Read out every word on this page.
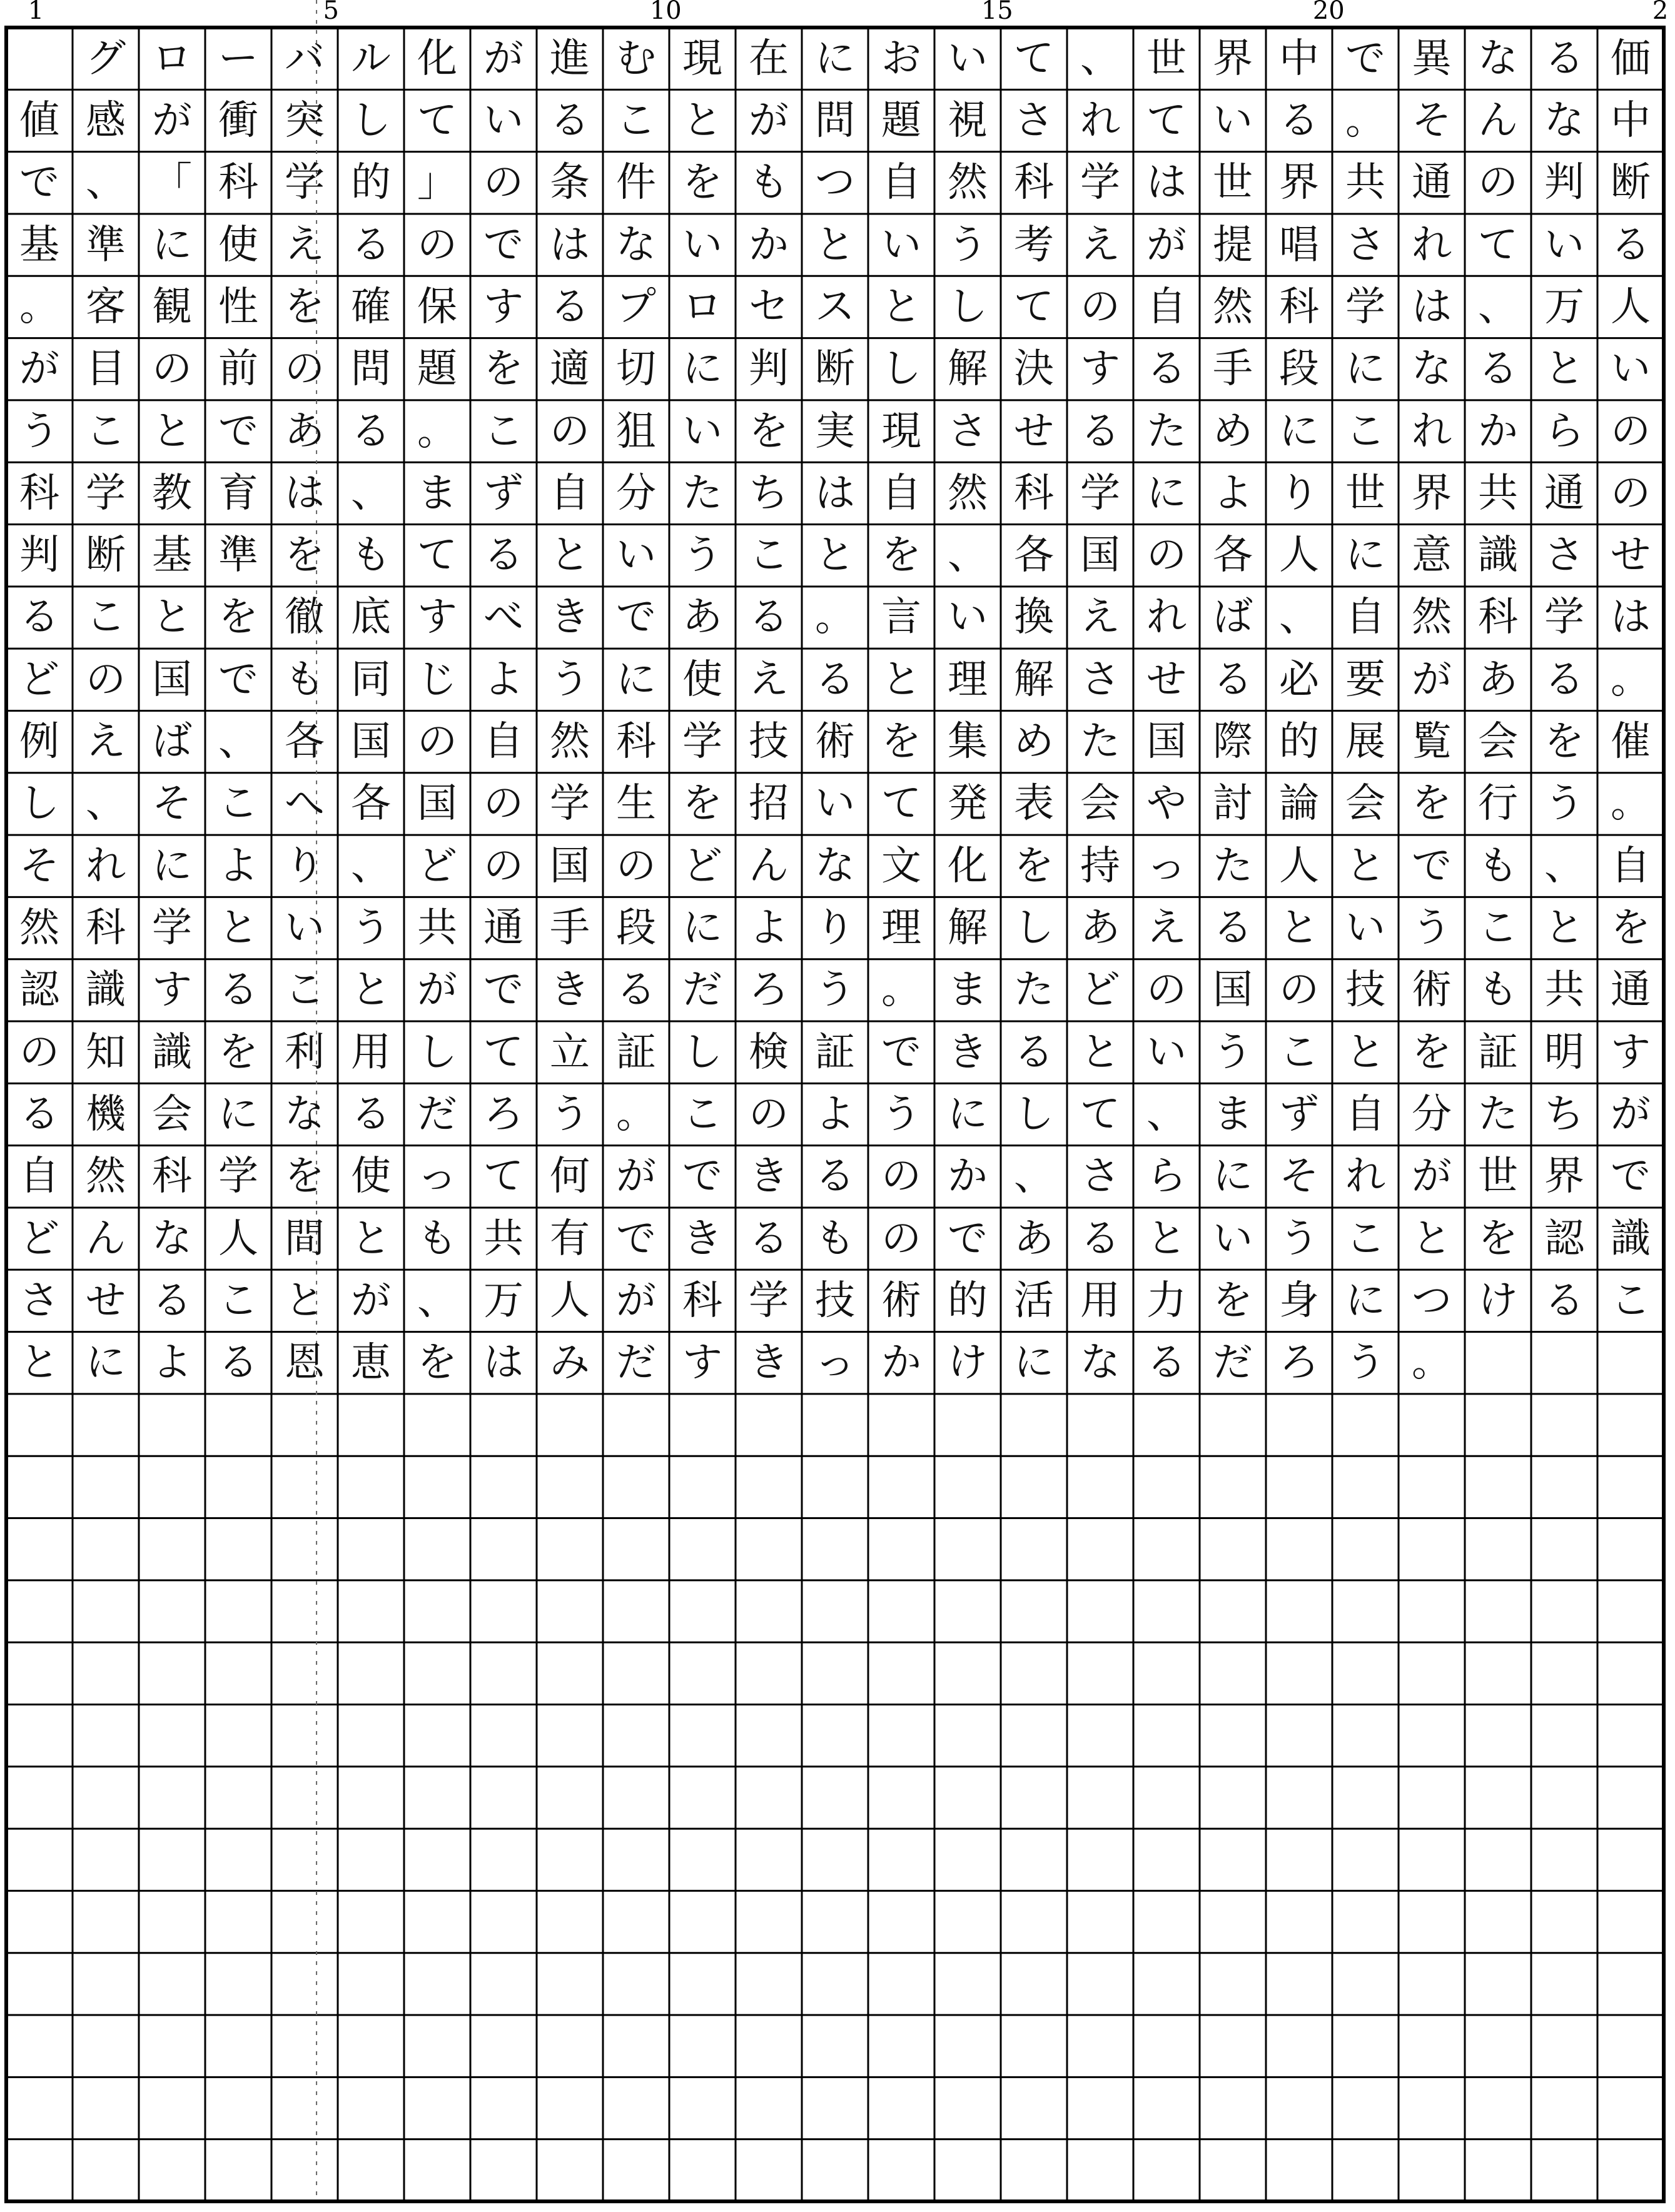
1	5	10	15	20	2

グ ロ ー バ ル 化 が 進 む 現 在 に お い て 、 世 界 中 で 異 な る 価
値 感 が 衝 突 し て い る こ と が 問 題 視 さ れ て い る 。 そ ん な 中
で 、 「 科 学 的 」 の 条 件 を も つ 自 然 科 学 は 世 界 共 通 の 判 断
基 準 に 使 え る の で は な い か と い う 考 え が 提 唱 さ れ て い る
。 客 観 性 を 確 保 す る プ ロ セ ス と し て の 自 然 科 学 は 、 万 人
が 目 の 前 の 問 題 を 適 切 に 判 断 し 解 決 す る 手 段 に な る と い
う こ と で あ る 。 こ の 狙 い を 実 現 さ せ る た め に こ れ か ら の
科 学 教 育 は 、 ま ず 自 分 た ち は 自 然 科 学 に よ り 世 界 共 通 の
判 断 基 準 を も て る と い う こ と を 、 各 国 の 各 人 に 意 識 さ せ
る こ と を 徹 底 す べ き で あ る 。 言 い 換 え れ ば 、 自 然 科 学 は
ど の 国 で も 同 じ よ う に 使 え る と 理 解 さ せ る 必 要 が あ る 。
例 え ば 、 各 国 の 自 然 科 学 技 術 を 集 め た 国 際 的 展 覧 会 を 催
し 、 そ こ へ 各 国 の 学 生 を 招 い て 発 表 会 や 討 論 会 を 行 う 。
そ れ に よ り 、 ど の 国 の ど ん な 文 化 を 持 っ た 人 と で も 、 自
然 科 学 と い う 共 通 手 段 に よ り 理 解 し あ え る と い う こ と を
認 識 す る こ と が で き る だ ろ う 。 ま た ど の 国 の 技 術 も 共 通
の 知 識 を 利 用 し て 立 証 し 検 証 で き る と い う こ と を 証 明 す
る 機 会 に な る だ ろ う 。 こ の よ う に し て 、 ま ず 自 分 た ち が
自 然 科 学 を 使 っ て 何 が で き る の か 、 さ ら に そ れ が 世 界 で
ど ん な 人 間 と も 共 有 で き る も の で あ る と い う こ と を 認 識
さ せ る こ と が 、 万 人 が 科 学 技 術 的 活 用 力 を 身 に つ け る こ
と に よ る 恩 恵 を は み だ す き っ か け に な る だ ろ う 。
